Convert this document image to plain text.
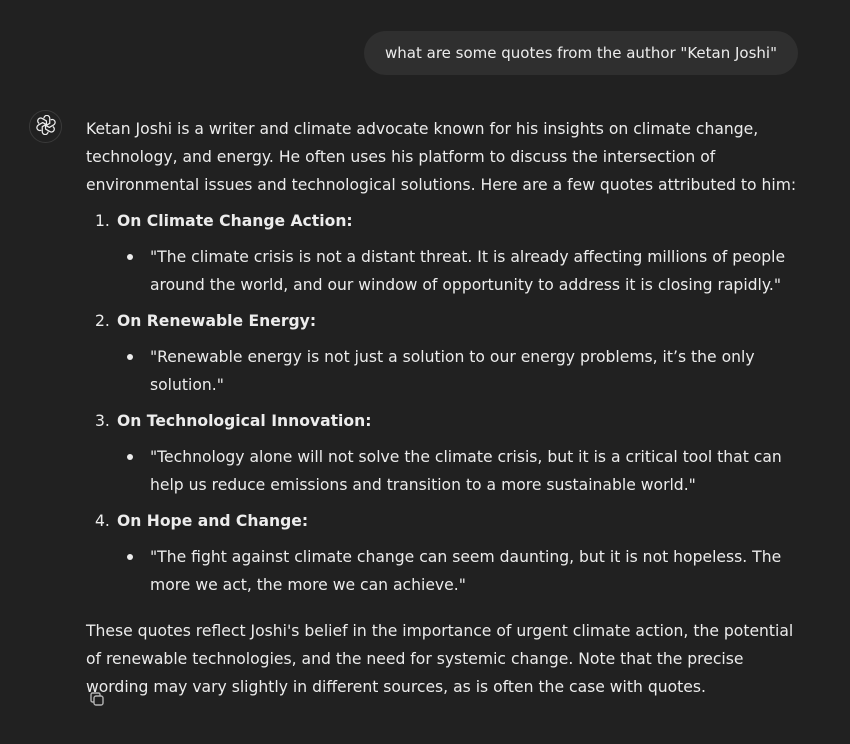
what are some quotes from the author "Ketan Joshi"

Ketan Joshi is a writer and climate advocate known for his insights on climate change, technology, and energy. He often uses his platform to discuss the intersection of environmental issues and technological solutions. Here are a few quotes attributed to him:

1. On Climate Change Action:
"The climate crisis is not a distant threat. It is already affecting millions of people around the world, and our window of opportunity to address it is closing rapidly."
2. On Renewable Energy:
"Renewable energy is not just a solution to our energy problems, it’s the only solution."
3. On Technological Innovation:
"Technology alone will not solve the climate crisis, but it is a critical tool that can help us reduce emissions and transition to a more sustainable world."
4. On Hope and Change:
"The fight against climate change can seem daunting, but it is not hopeless. The more we act, the more we can achieve."

These quotes reflect Joshi's belief in the importance of urgent climate action, the potential of renewable technologies, and the need for systemic change. Note that the precise wording may vary slightly in different sources, as is often the case with quotes.
